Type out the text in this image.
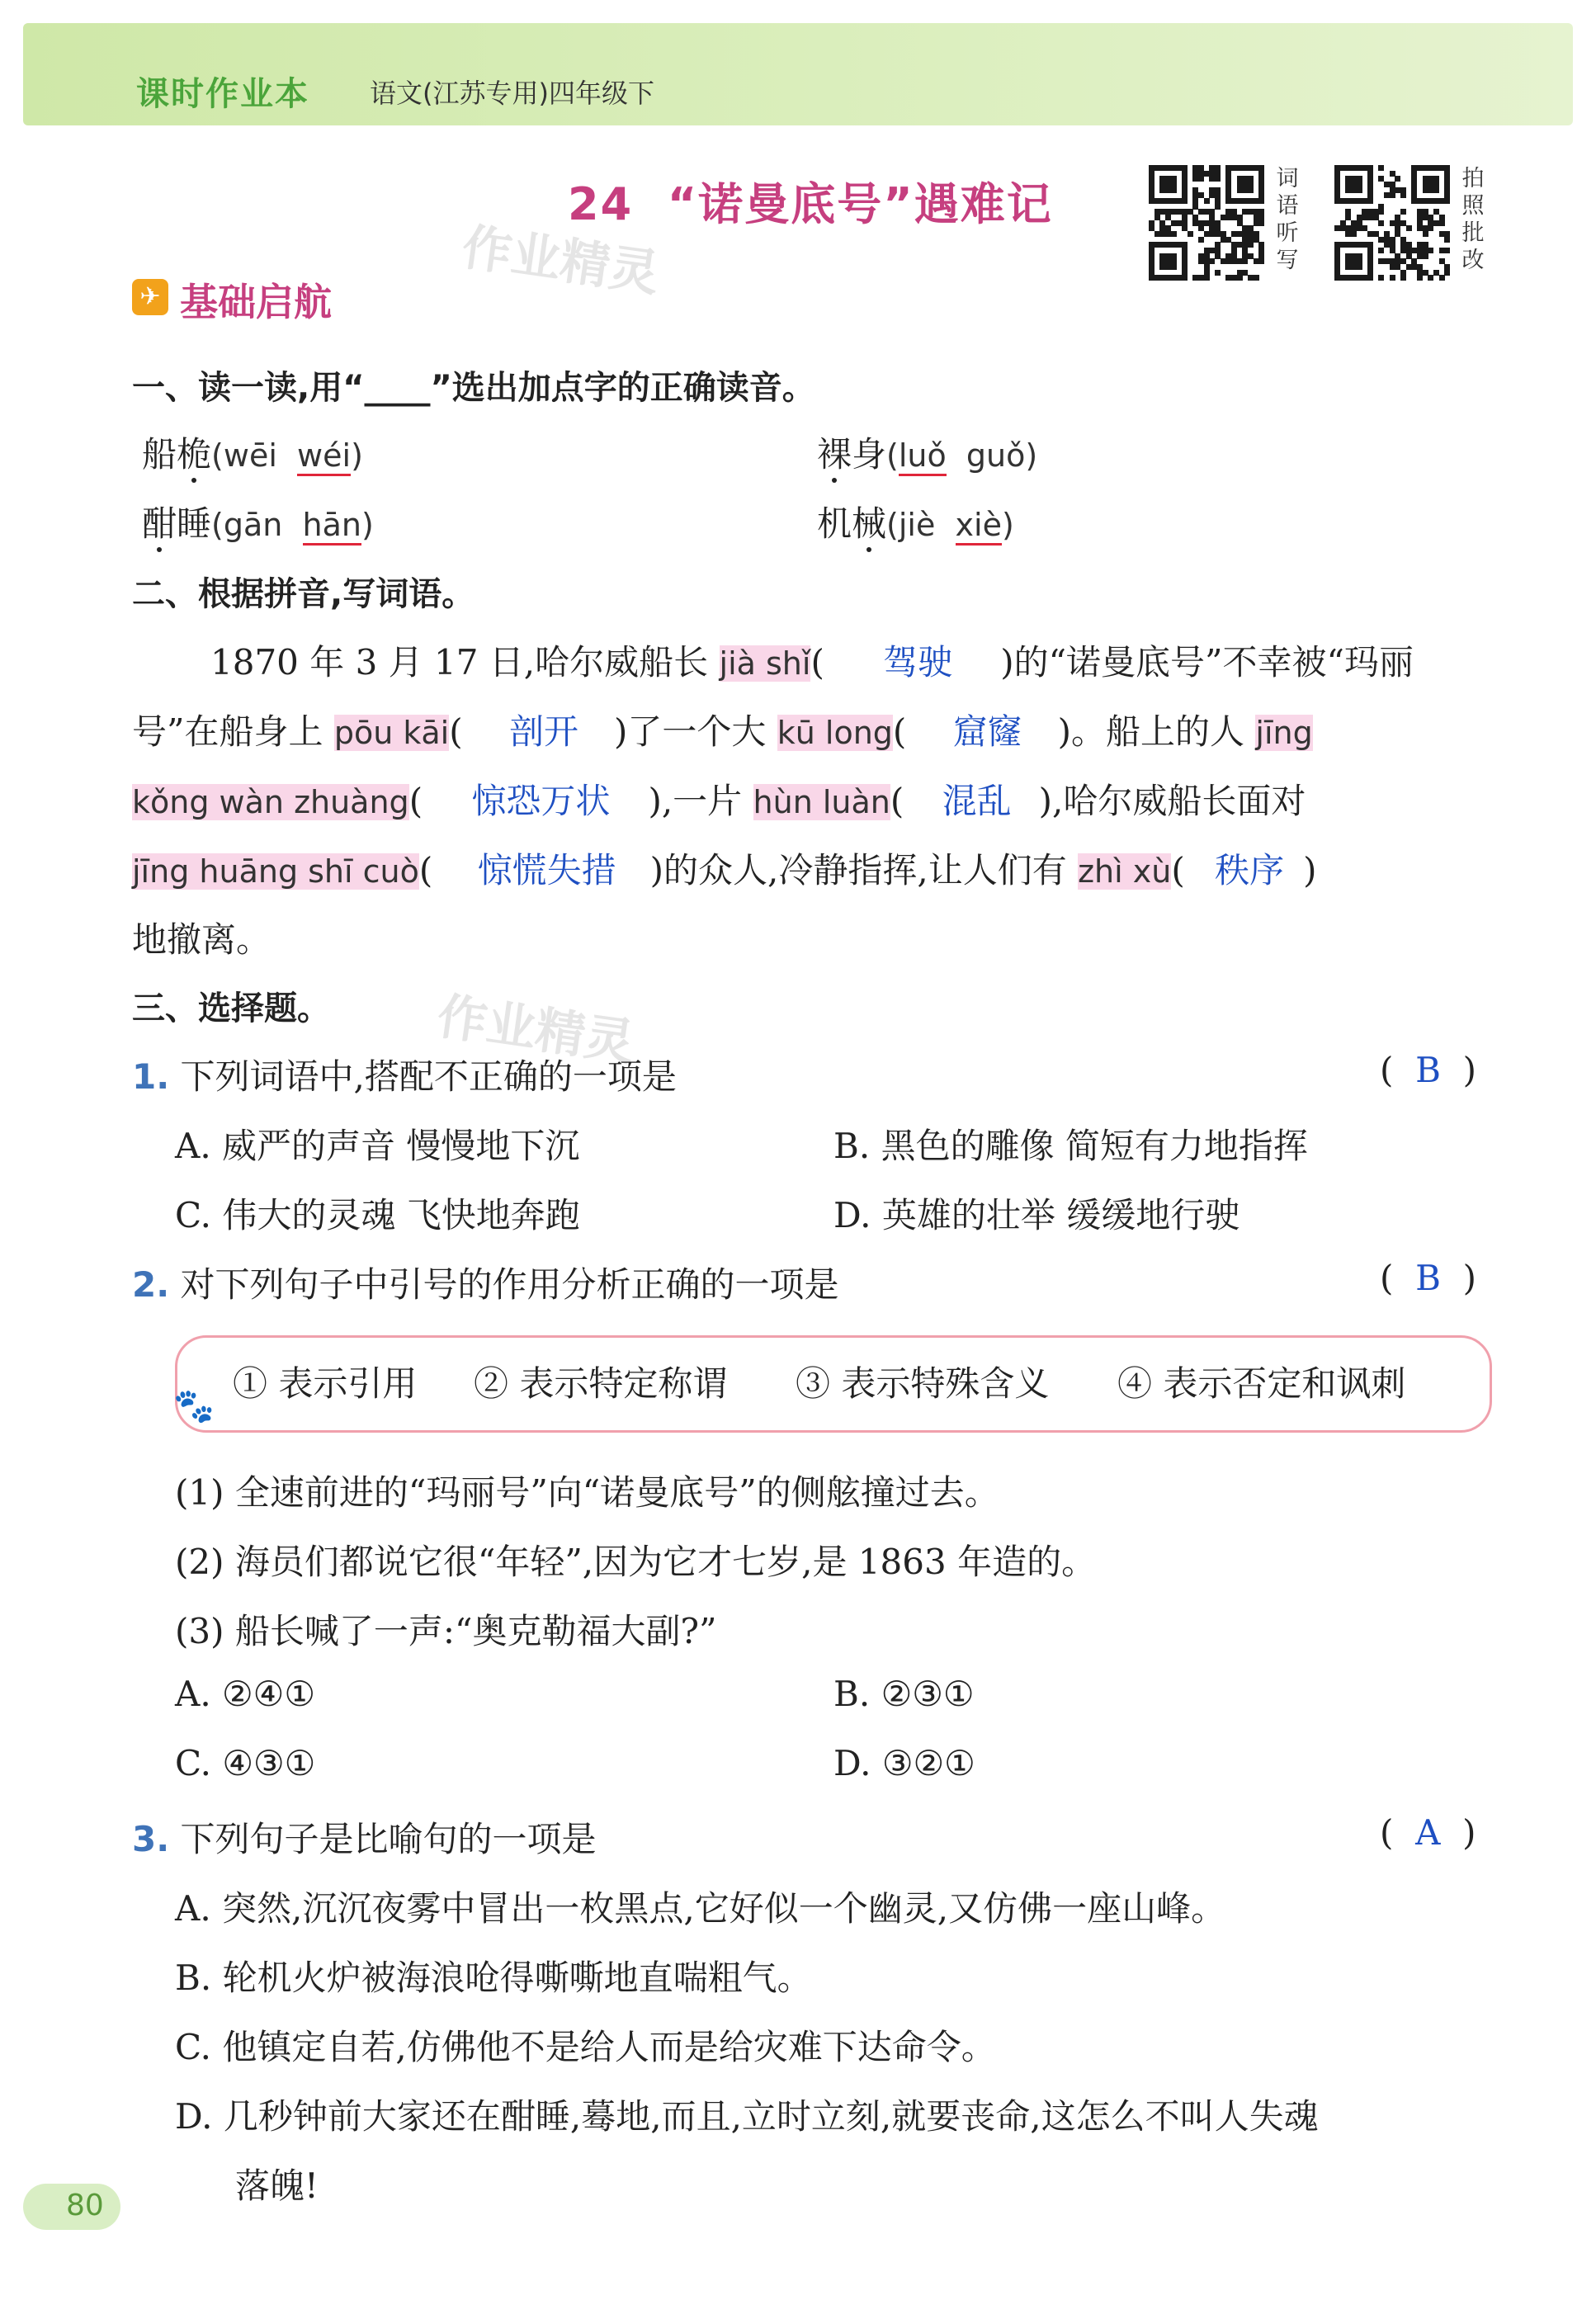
课时作业本 语文(江苏专用)四年级下
24 “诺曼底号”遇难记	词
语
听
写
拍
照
批
改
作业精灵
作业精灵
✈ 基础启航
一、读一读,用“____”选出加点字的正确读音。
船桅(wēi wéi)	裸身(luǒ guǒ)
酣睡(gān hān)	机械(jiè xiè)
二、根据拼音,写词语。
1870 年 3 月 17 日,哈尔威船长 jià shǐ( 驾驶 )的“诺曼底号”不幸被“玛丽
号”在船身上 pōu kāi( 剖开 )了一个大 kū long( 窟窿 )。船上的人 jīng
kǒng wàn zhuàng( 惊恐万状 ),一片 hùn luàn( 混乱 ),哈尔威船长面对
jīng huāng shī cuò( 惊慌失措 )的众人,冷静指挥,让人们有 zhì xù( 秩序 )
地撤离。
三、选择题。
1. 下列词语中,搭配不正确的一项是	(  B  )
A. 威严的声音 慢慢地下沉	B. 黑色的雕像 简短有力地指挥
C. 伟大的灵魂 飞快地奔跑	D. 英雄的壮举 缓缓地行驶
2. 对下列句子中引号的作用分析正确的一项是	(  B  )
🐾
① 表示引用 ② 表示特定称谓 ③ 表示特殊含义 ④ 表示否定和讽刺
(1) 全速前进的“玛丽号”向“诺曼底号”的侧舷撞过去。
(2) 海员们都说它很“年轻”,因为它才七岁,是 1863 年造的。
(3) 船长喊了一声:“奥克勒福大副?”
A. ②④①	B. ②③①
C. ④③①	D. ③②①
3. 下列句子是比喻句的一项是	(  A  )
A. 突然,沉沉夜雾中冒出一枚黑点,它好似一个幽灵,又仿佛一座山峰。
B. 轮机火炉被海浪呛得嘶嘶地直喘粗气。
C. 他镇定自若,仿佛他不是给人而是给灾难下达命令。
D. 几秒钟前大家还在酣睡,蓦地,而且,立时立刻,就要丧命,这怎么不叫人失魂
落魄!
80
